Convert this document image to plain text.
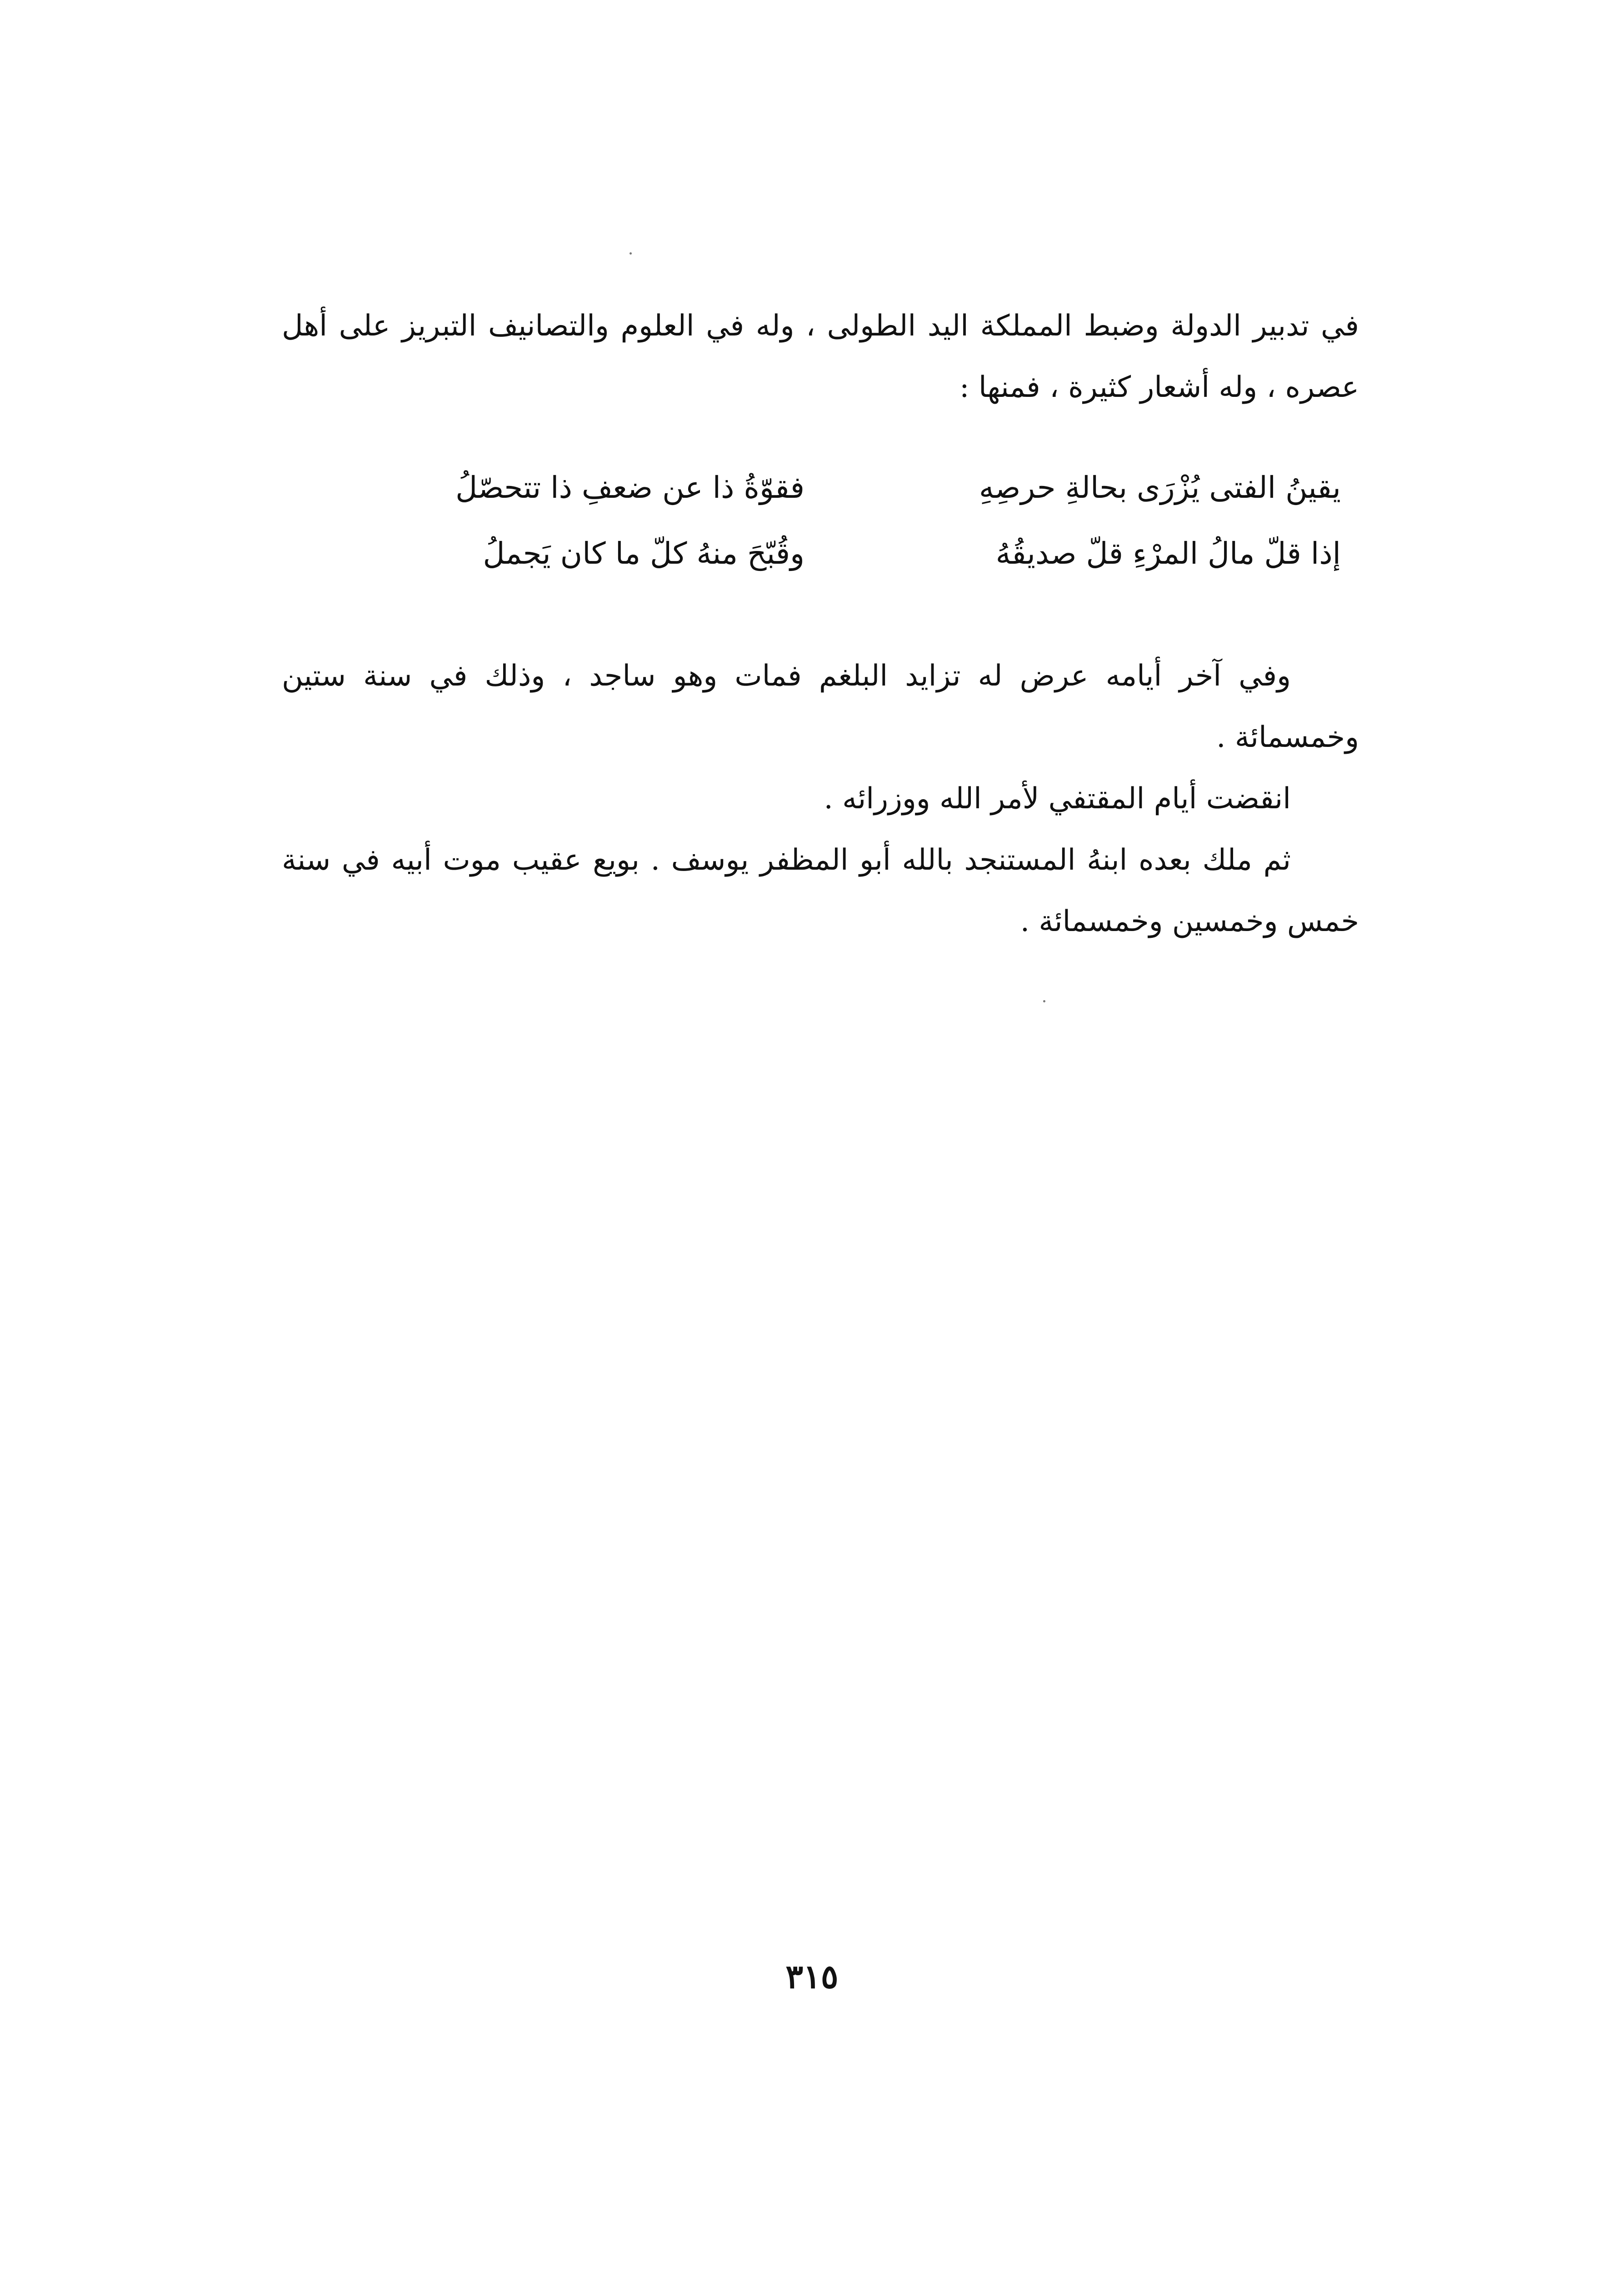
في تدبير الدولة وضبط المملكة اليد الطولى ، وله في العلوم والتصانيف التبريز على أهل عصره ، وله أشعار كثيرة ، فمنها :

يقينُ الفتى يُزْرَى بحالةِ حرصِهِ
فقوّةُ ذا عن ضعفِ ذا تتحصّلُ
إذا قلّ مالُ المرْءِ قلّ صديقُهُ
وقُبّحَ منهُ كلّ ما كان يَجملُ

وفي آخر أيامه عرض له تزايد البلغم فمات وهو ساجد ، وذلك في سنة ستين وخمسمائة .

انقضت أيام المقتفي لأمر الله ووزرائه .

ثم ملك بعده ابنهُ المستنجد بالله أبو المظفر يوسف . بويع عقيب موت أبيه في سنة خمس وخمسين وخمسمائة .

٣١٥
